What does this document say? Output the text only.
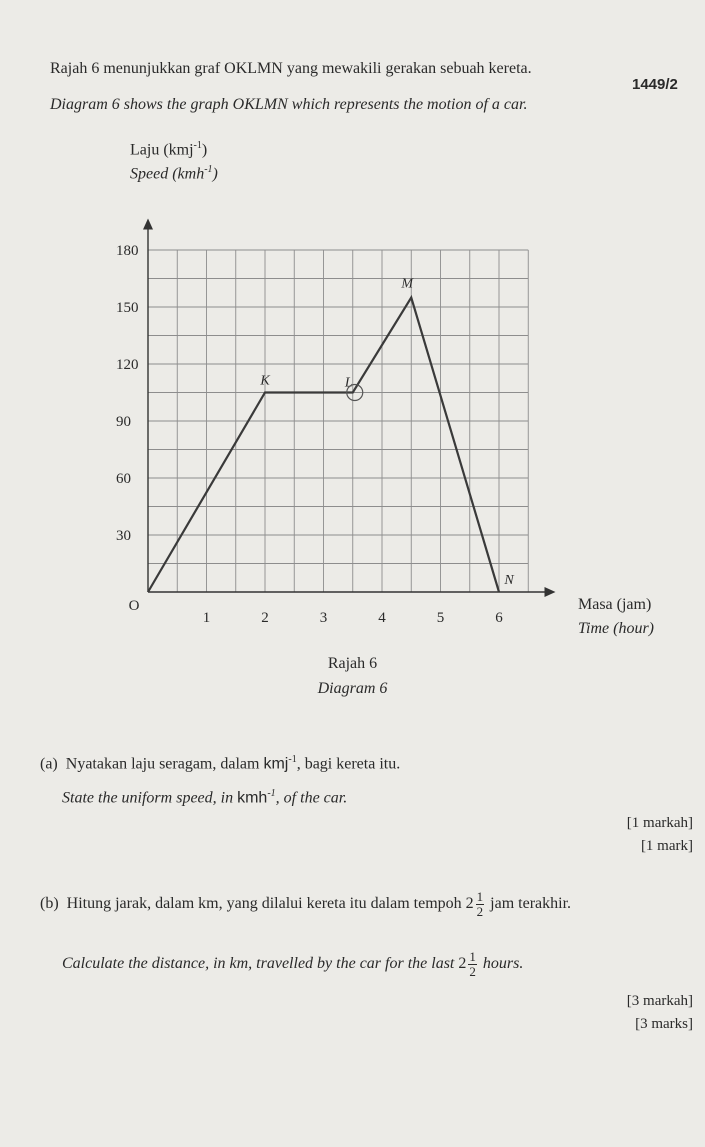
1449/2
Rajah 6 menunjukkan graf OKLMN yang mewakili gerakan sebuah kereta.
Diagram 6 shows the graph OKLMN which represents the motion of a car.
Laju (kmj$^{-1}$)
Speed (kmh$^{-1}$)
1	2	3	4	5	6
30
60
90
120
150
180
O
K	L
M
N
Masa (jam)
Time (hour)
Rajah 6
Diagram 6
(a) Nyatakan laju seragam, dalam kmj$^{-1}$, bagi kereta itu.
State the uniform speed, in kmh$^{-1}$, of the car.
[1 markah]
[1 mark]
(b) Hitung jarak, dalam km, yang dilalui kereta itu dalam tempoh $2 \frac{1}{2}$ jam terakhir.
Calculate the distance, in km, travelled by the car for the last $2 \frac{1}{2}$ hours.
[3 markah]
[3 marks]
